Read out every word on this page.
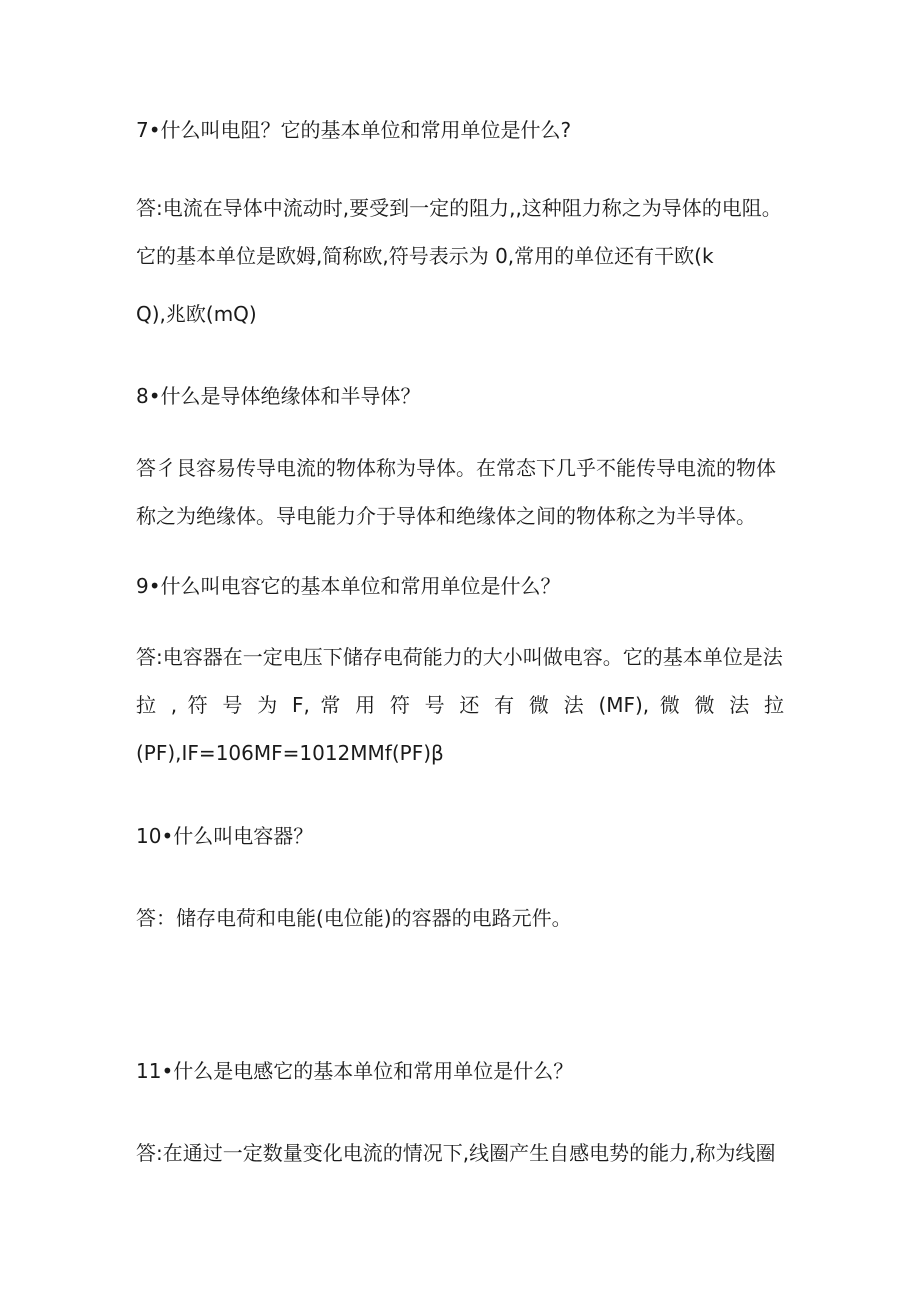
7•什么叫电阻？它的基本单位和常用单位是什么?
答:电流在导体中流动时,要受到一定的阻力,,这种阻力称之为导体的电阻。
它的基本单位是欧姆,简称欧,符号表示为 0,常用的单位还有干欧(k
Q),兆欧(mQ)
8•什么是导体绝缘体和半导体？
答彳艮容易传导电流的物体称为导体。在常态下几乎不能传导电流的物体
称之为绝缘体。导电能力介于导体和绝缘体之间的物体称之为半导体。
9•什么叫电容它的基本单位和常用单位是什么？
答:电容器在一定电压下储存电荷能力的大小叫做电容。它的基本单位是法
拉 , 符 号 为 F, 常 用 符 号 还 有 微 法 (MF), 微 微 法 拉
(PF),IF=106MF=1012MMf(PF)β
10•什么叫电容器？
答：储存电荷和电能(电位能)的容器的电路元件。
11•什么是电感它的基本单位和常用单位是什么？
答:在通过一定数量变化电流的情况下,线圈产生自感电势的能力,称为线圈
